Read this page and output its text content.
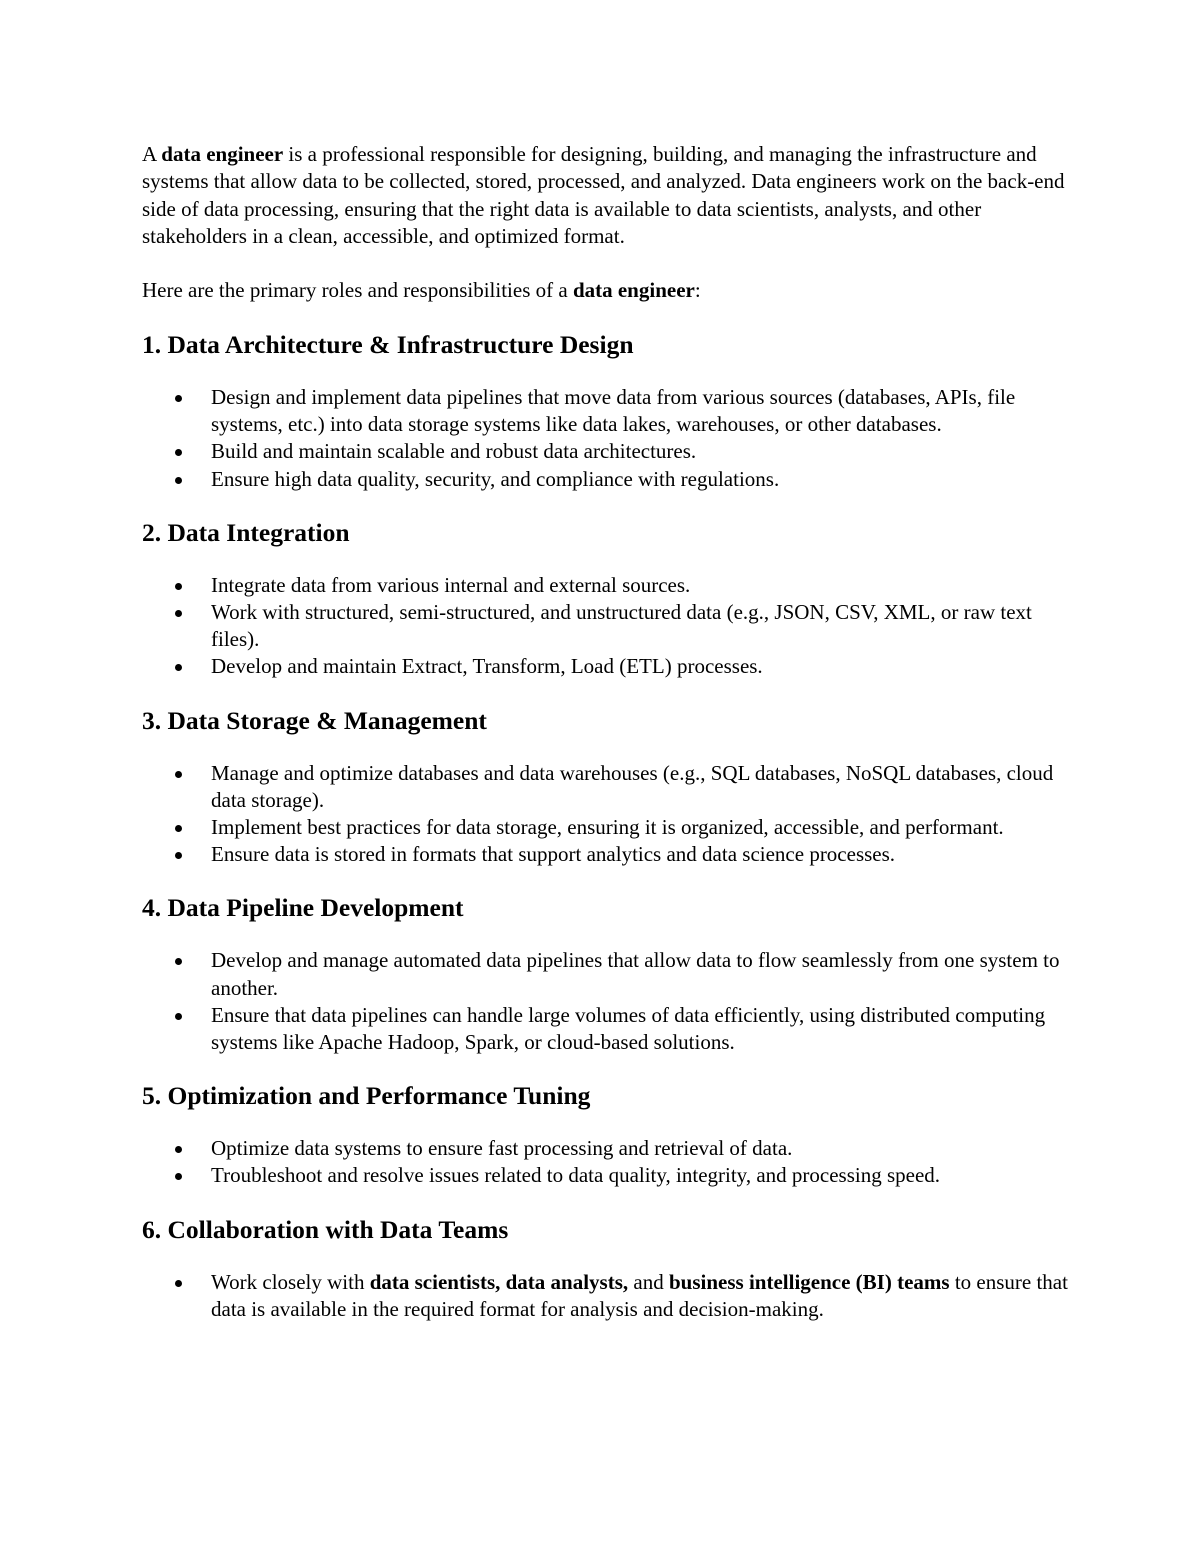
A data engineer is a professional responsible for designing, building, and managing the infrastructure and systems that allow data to be collected, stored, processed, and analyzed. Data engineers work on the back-end side of data processing, ensuring that the right data is available to data scientists, analysts, and other stakeholders in a clean, accessible, and optimized format.

Here are the primary roles and responsibilities of a data engineer:

1. Data Architecture & Infrastructure Design
Design and implement data pipelines that move data from various sources (databases, APIs, file systems, etc.) into data storage systems like data lakes, warehouses, or other databases.
Build and maintain scalable and robust data architectures.
Ensure high data quality, security, and compliance with regulations.
2. Data Integration
Integrate data from various internal and external sources.
Work with structured, semi-structured, and unstructured data (e.g., JSON, CSV, XML, or raw text files).
Develop and maintain Extract, Transform, Load (ETL) processes.
3. Data Storage & Management
Manage and optimize databases and data warehouses (e.g., SQL databases, NoSQL databases, cloud data storage).
Implement best practices for data storage, ensuring it is organized, accessible, and performant.
Ensure data is stored in formats that support analytics and data science processes.
4. Data Pipeline Development
Develop and manage automated data pipelines that allow data to flow seamlessly from one system to another.
Ensure that data pipelines can handle large volumes of data efficiently, using distributed computing systems like Apache Hadoop, Spark, or cloud-based solutions.
5. Optimization and Performance Tuning
Optimize data systems to ensure fast processing and retrieval of data.
Troubleshoot and resolve issues related to data quality, integrity, and processing speed.
6. Collaboration with Data Teams
Work closely with data scientists, data analysts, and business intelligence (BI) teams to ensure that data is available in the required format for analysis and decision-making.
